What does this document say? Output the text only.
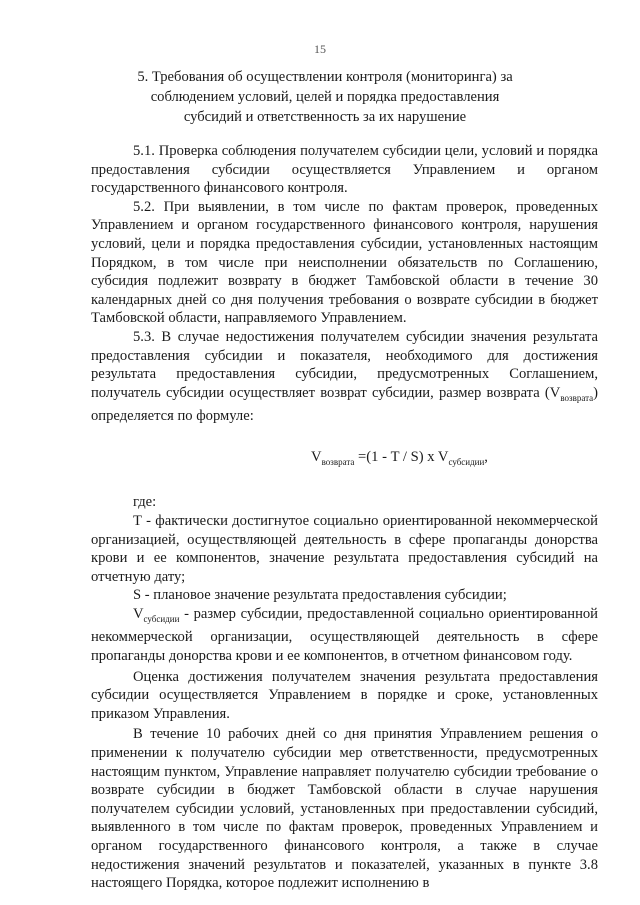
15
5. Требования об осуществлении контроля (мониторинга) за соблюдением условий, целей и порядка предоставления субсидий и ответственность за их нарушение

5.1. Проверка соблюдения получателем субсидии цели, условий и порядка предоставления субсидии осуществляется Управлением и органом государственного финансового контроля.

5.2. При выявлении, в том числе по фактам проверок, проведенных Управлением и органом государственного финансового контроля, нарушения условий, цели и порядка предоставления субсидии, установленных настоящим Порядком, в том числе при неисполнении обязательств по Соглашению, субсидия подлежит возврату в бюджет Тамбовской области в течение 30 календарных дней со дня получения требования о возврате субсидии в бюджет Тамбовской области, направляемого Управлением.

5.3. В случае недостижения получателем субсидии значения результата предоставления субсидии и показателя, необходимого для достижения результата предоставления субсидии, предусмотренных Соглашением, получатель субсидии осуществляет возврат субсидии, размер возврата $(V_{возврата})$ определяется по формуле:

$V_{возврата} =(1 - T / S)$ x $V_{субсидии}$,

где:

Т - фактически достигнутое социально ориентированной некоммерческой организацией, осуществляющей деятельность в сфере пропаганды донорства крови и ее компонентов, значение результата предоставления субсидий на отчетную дату;

S - плановое значение результата предоставления субсидии;

$V_{субсидии}$ - размер субсидии, предоставленной социально ориентированной некоммерческой организации, осуществляющей деятельность в сфере пропаганды донорства крови и ее компонентов, в отчетном финансовом году.

Оценка достижения получателем значения результата предоставления субсидии осуществляется Управлением в порядке и сроке, установленных приказом Управления.

В течение 10 рабочих дней со дня принятия Управлением решения о применении к получателю субсидии мер ответственности, предусмотренных настоящим пунктом, Управление направляет получателю субсидии требование о возврате субсидии в бюджет Тамбовской области в случае нарушения получателем субсидии условий, установленных при предоставлении субсидий, выявленного в том числе по фактам проверок, проведенных Управлением и органом государственного финансового контроля, а также в случае недостижения значений результатов и показателей, указанных в пункте 3.8 настоящего Порядка, которое подлежит исполнению в
